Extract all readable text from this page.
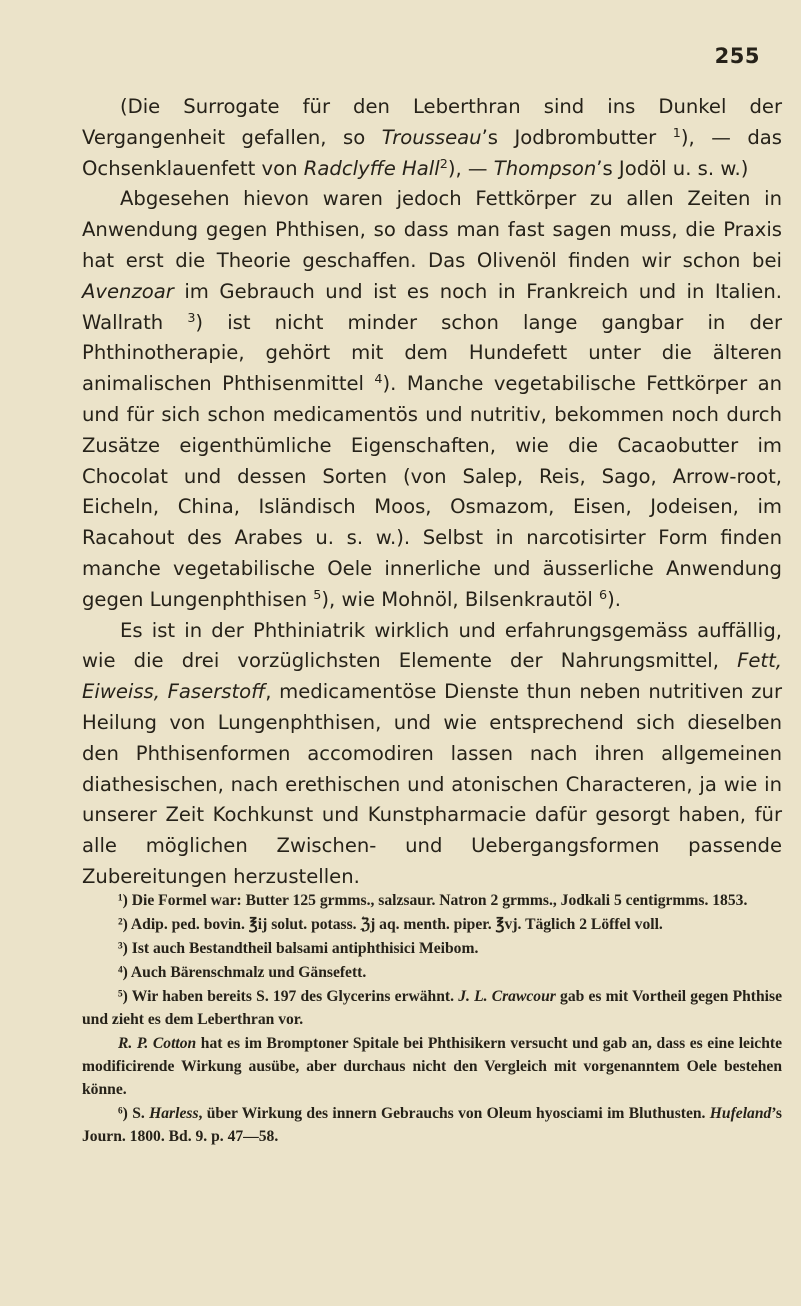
255

(Die Surrogate für den Leberthran sind ins Dunkel der Vergangenheit gefallen, so Trousseau’s Jodbrombutter $^1$), — das Ochsenklauenfett von Radclyffe Hall$^2$), — Thompson’s Jodöl u. s. w.)

Abgesehen hievon waren jedoch Fettkörper zu allen Zeiten in Anwendung gegen Phthisen, so dass man fast sagen muss, die Praxis hat erst die Theorie geschaffen. Das Olivenöl finden wir schon bei Avenzoar im Gebrauch und ist es noch in Frankreich und in Italien. Wallrath $^3$) ist nicht minder schon lange gangbar in der Phthinotherapie, gehört mit dem Hundefett unter die älteren animalischen Phthisenmittel $^4$). Manche vegetabilische Fettkörper an und für sich schon medicamentös und nutritiv, bekommen noch durch Zusätze eigenthümliche Eigenschaften, wie die Cacaobutter im Chocolat und dessen Sorten (von Salep, Reis, Sago, Arrow-root, Eicheln, China, Isländisch Moos, Osmazom, Eisen, Jodeisen, im Racahout des Arabes u. s. w.). Selbst in narcotisirter Form finden manche vegetabilische Oele innerliche und äusserliche Anwendung gegen Lungenphthisen $^5$), wie Mohnöl, Bilsenkrautöl $^6$).

Es ist in der Phthiniatrik wirklich und erfahrungsgemäss auffällig, wie die drei vorzüglichsten Elemente der Nahrungsmittel, Fett, Eiweiss, Faserstoff, medicamentöse Dienste thun neben nutritiven zur Heilung von Lungenphthisen, und wie entsprechend sich dieselben den Phthisenformen accomodiren lassen nach ihren allgemeinen diathesischen, nach erethischen und atonischen Characteren, ja wie in unserer Zeit Kochkunst und Kunstpharmacie dafür gesorgt haben, für alle möglichen Zwischen- und Uebergangsformen passende Zubereitungen herzustellen.

¹) Die Formel war: Butter 125 grmms., salzsaur. Natron 2 grmms., Jodkali 5 centigrmms. 1853.

²) Adip. ped. bovin. ℥ij solut. potass. ℨj aq. menth. piper. ℥vj. Täglich 2 Löffel voll.

³) Ist auch Bestandtheil balsami antiphthisici Meibom.

⁴) Auch Bärenschmalz und Gänsefett.

⁵) Wir haben bereits S. 197 des Glycerins erwähnt. J. L. Crawcour gab es mit Vortheil gegen Phthise und zieht es dem Leberthran vor.

R. P. Cotton hat es im Bromptoner Spitale bei Phthisikern versucht und gab an, dass es eine leichte modificirende Wirkung ausübe, aber durchaus nicht den Vergleich mit vorgenanntem Oele bestehen könne.

⁶) S. Harless, über Wirkung des innern Gebrauchs von Oleum hyosciami im Bluthusten. Hufeland’s Journ. 1800. Bd. 9. p. 47—58.
